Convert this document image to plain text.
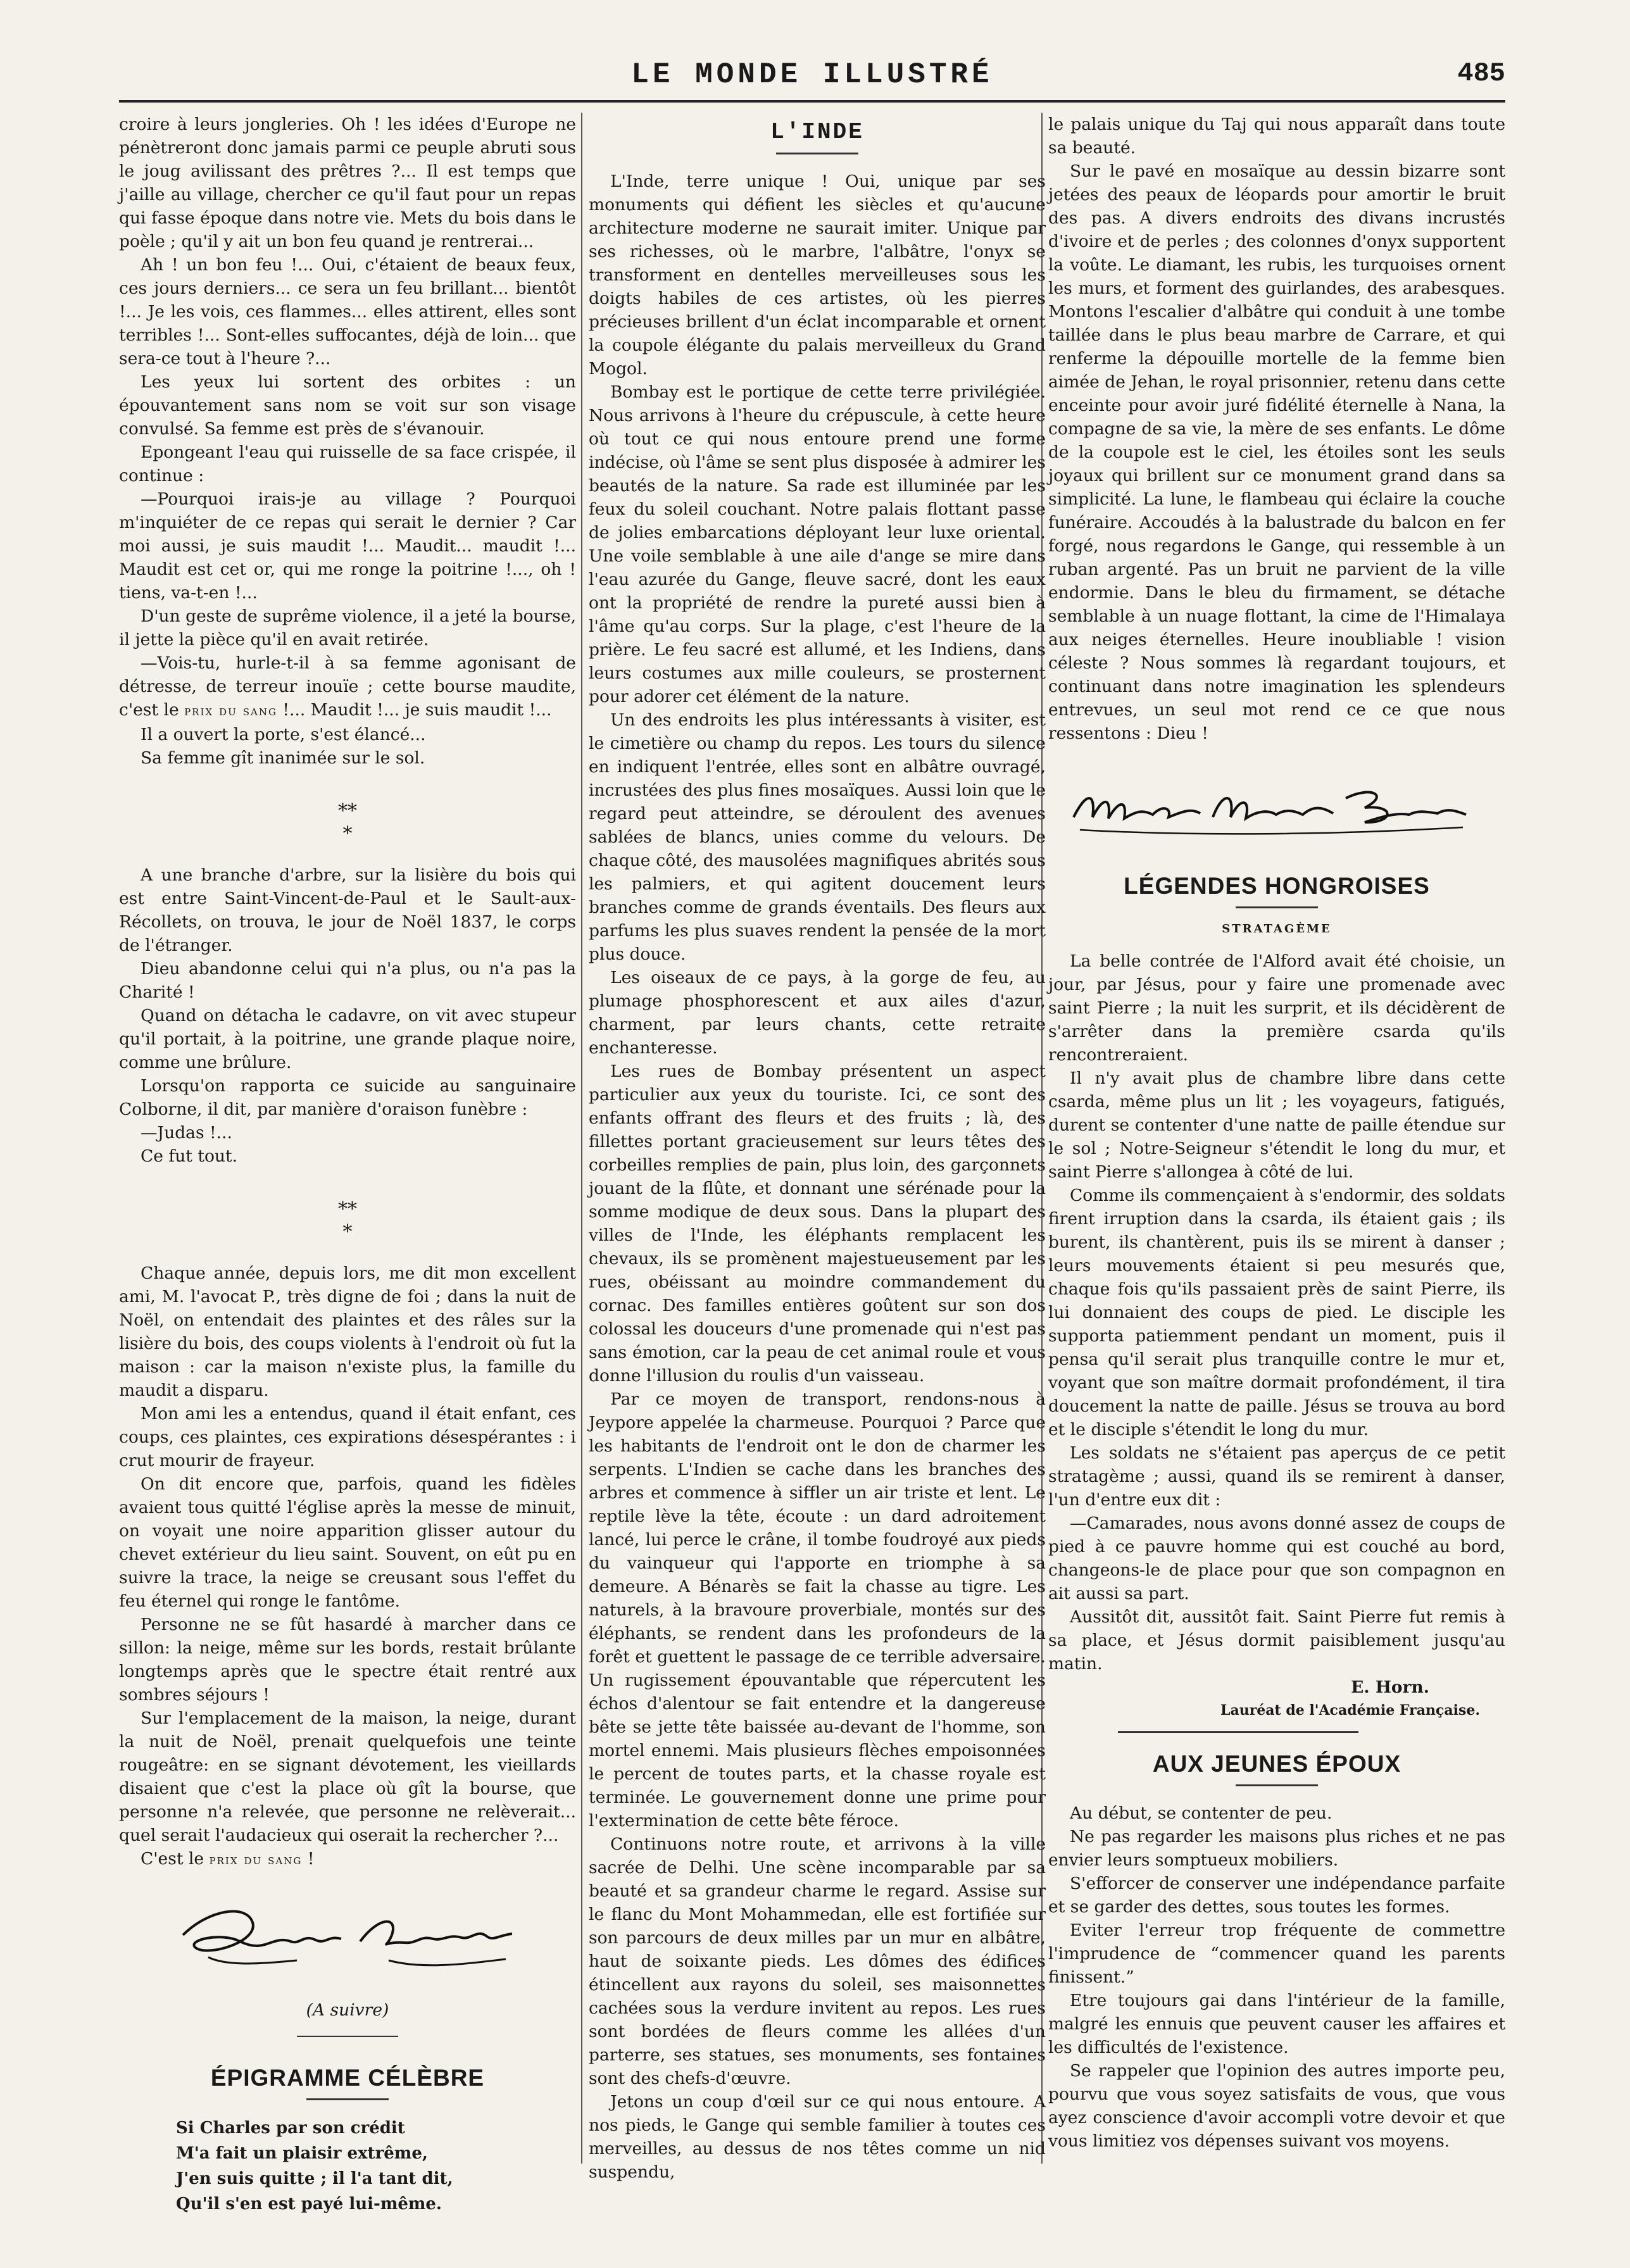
LE MONDE ILLUSTRÉ	485

croire à leurs jongleries. Oh ! les idées d'Europe ne pénètreront donc jamais parmi ce peuple abruti sous le joug avilissant des prêtres ?... Il est temps que j'aille au village, chercher ce qu'il faut pour un repas qui fasse époque dans notre vie. Mets du bois dans le poèle ; qu'il y ait un bon feu quand je rentrerai...

Ah ! un bon feu !... Oui, c'étaient de beaux feux, ces jours derniers... ce sera un feu brillant... bientôt !... Je les vois, ces flammes... elles attirent, elles sont terribles !... Sont-elles suffocantes, déjà de loin... que sera-ce tout à l'heure ?...

Les yeux lui sortent des orbites : un épouvantement sans nom se voit sur son visage convulsé. Sa femme est près de s'évanouir.

Epongeant l'eau qui ruisselle de sa face crispée, il continue :

—Pourquoi irais-je au village ? Pourquoi m'inquiéter de ce repas qui serait le dernier ? Car moi aussi, je suis maudit !... Maudit... maudit !... Maudit est cet or, qui me ronge la poitrine !..., oh ! tiens, va-t-en !...

D'un geste de suprême violence, il a jeté la bourse, il jette la pièce qu'il en avait retirée.

—Vois-tu, hurle-t-il à sa femme agonisant de détresse, de terreur inouïe ; cette bourse maudite, c'est le prix du sang !... Maudit !... je suis maudit !...

Il a ouvert la porte, s'est élancé...

Sa femme gît inanimée sur le sol.

⁎⁎
⁎

A une branche d'arbre, sur la lisière du bois qui est entre Saint-Vincent-de-Paul et le Sault-aux-Récollets, on trouva, le jour de Noël 1837, le corps de l'étranger.

Dieu abandonne celui qui n'a plus, ou n'a pas la Charité !

Quand on détacha le cadavre, on vit avec stupeur qu'il portait, à la poitrine, une grande plaque noire, comme une brûlure.

Lorsqu'on rapporta ce suicide au sanguinaire Colborne, il dit, par manière d'oraison funèbre :

—Judas !...

Ce fut tout.

⁎⁎
⁎

Chaque année, depuis lors, me dit mon excellent ami, M. l'avocat P., très digne de foi ; dans la nuit de Noël, on entendait des plaintes et des râles sur la lisière du bois, des coups violents à l'endroit où fut la maison : car la maison n'existe plus, la famille du maudit a disparu.

Mon ami les a entendus, quand il était enfant, ces coups, ces plaintes, ces expirations désespérantes : i crut mourir de frayeur.

On dit encore que, parfois, quand les fidèles avaient tous quitté l'église après la messe de minuit, on voyait une noire apparition glisser autour du chevet extérieur du lieu saint. Souvent, on eût pu en suivre la trace, la neige se creusant sous l'effet du feu éternel qui ronge le fantôme.

Personne ne se fût hasardé à marcher dans ce sillon: la neige, même sur les bords, restait brûlante longtemps après que le spectre était rentré aux sombres séjours !

Sur l'emplacement de la maison, la neige, durant la nuit de Noël, prenait quelquefois une teinte rougeâtre: en se signant dévotement, les vieillards disaient que c'est la place où gît la bourse, que personne n'a relevée, que personne ne relèverait... quel serait l'audacieux qui oserait la rechercher ?...

C'est le prix du sang !

(A suivre)
ÉPIGRAMME CÉLÈBRE
Si Charles par son crédit
M'a fait un plaisir extrême,
J'en suis quitte ; il l'a tant dit,
Qu'il s'en est payé lui-même.
L'INDE

L'Inde, terre unique ! Oui, unique par ses monuments qui défient les siècles et qu'aucune architecture moderne ne saurait imiter. Unique par ses richesses, où le marbre, l'albâtre, l'onyx se transforment en dentelles merveilleuses sous les doigts habiles de ces artistes, où les pierres précieuses brillent d'un éclat incomparable et ornent la coupole élégante du palais merveilleux du Grand Mogol.

Bombay est le portique de cette terre privilégiée. Nous arrivons à l'heure du crépuscule, à cette heure où tout ce qui nous entoure prend une forme indécise, où l'âme se sent plus disposée à admirer les beautés de la nature. Sa rade est illuminée par les feux du soleil couchant. Notre palais flottant passe de jolies embarcations déployant leur luxe oriental. Une voile semblable à une aile d'ange se mire dans l'eau azurée du Gange, fleuve sacré, dont les eaux ont la propriété de rendre la pureté aussi bien à l'âme qu'au corps. Sur la plage, c'est l'heure de la prière. Le feu sacré est allumé, et les Indiens, dans leurs costumes aux mille couleurs, se prosternent pour adorer cet élément de la nature.

Un des endroits les plus intéressants à visiter, est le cimetière ou champ du repos. Les tours du silence en indiquent l'entrée, elles sont en albâtre ouvragé, incrustées des plus fines mosaïques. Aussi loin que le regard peut atteindre, se déroulent des avenues sablées de blancs, unies comme du velours. De chaque côté, des mausolées magnifiques abrités sous les palmiers, et qui agitent doucement leurs branches comme de grands éventails. Des fleurs aux parfums les plus suaves rendent la pensée de la mort plus douce.

Les oiseaux de ce pays, à la gorge de feu, au plumage phosphorescent et aux ailes d'azur, charment, par leurs chants, cette retraite enchanteresse.

Les rues de Bombay présentent un aspect particulier aux yeux du touriste. Ici, ce sont des enfants offrant des fleurs et des fruits ; là, des fillettes portant gracieusement sur leurs têtes des corbeilles remplies de pain, plus loin, des garçonnets jouant de la flûte, et donnant une sérénade pour la somme modique de deux sous. Dans la plupart des villes de l'Inde, les éléphants remplacent les chevaux, ils se promènent majestueusement par les rues, obéissant au moindre commandement du cornac. Des familles entières goûtent sur son dos colossal les douceurs d'une promenade qui n'est pas sans émotion, car la peau de cet animal roule et vous donne l'illusion du roulis d'un vaisseau.

Par ce moyen de transport, rendons-nous à Jeypore appelée la charmeuse. Pourquoi ? Parce que les habitants de l'endroit ont le don de charmer les serpents. L'Indien se cache dans les branches des arbres et commence à siffler un air triste et lent. Le reptile lève la tête, écoute : un dard adroitement lancé, lui perce le crâne, il tombe foudroyé aux pieds du vainqueur qui l'apporte en triomphe à sa demeure. A Bénarès se fait la chasse au tigre. Les naturels, à la bravoure proverbiale, montés sur des éléphants, se rendent dans les profondeurs de la forêt et guettent le passage de ce terrible adversaire. Un rugissement épouvantable que répercutent les échos d'alentour se fait entendre et la dangereuse bête se jette tête baissée au-devant de l'homme, son mortel ennemi. Mais plusieurs flèches empoisonnées le percent de toutes parts, et la chasse royale est terminée. Le gouvernement donne une prime pour l'extermination de cette bête féroce.

Continuons notre route, et arrivons à la ville sacrée de Delhi. Une scène incomparable par sa beauté et sa grandeur charme le regard. Assise sur le flanc du Mont Mohammedan, elle est fortifiée sur son parcours de deux milles par un mur en albâtre, haut de soixante pieds. Les dômes des édifices étincellent aux rayons du soleil, ses maisonnettes cachées sous la verdure invitent au repos. Les rues sont bordées de fleurs comme les allées d'un parterre, ses statues, ses monuments, ses fontaines sont des chefs-d'œuvre.

Jetons un coup d'œil sur ce qui nous entoure. A nos pieds, le Gange qui semble familier à toutes ces merveilles, au dessus de nos têtes comme un nid suspendu,

le palais unique du Taj qui nous apparaît dans toute sa beauté.

Sur le pavé en mosaïque au dessin bizarre sont jetées des peaux de léopards pour amortir le bruit des pas. A divers endroits des divans incrustés d'ivoire et de perles ; des colonnes d'onyx supportent la voûte. Le diamant, les rubis, les turquoises ornent les murs, et forment des guirlandes, des arabesques. Montons l'escalier d'albâtre qui conduit à une tombe taillée dans le plus beau marbre de Carrare, et qui renferme la dépouille mortelle de la femme bien aimée de Jehan, le royal prisonnier, retenu dans cette enceinte pour avoir juré fidélité éternelle à Nana, la compagne de sa vie, la mère de ses enfants. Le dôme de la coupole est le ciel, les étoiles sont les seuls joyaux qui brillent sur ce monument grand dans sa simplicité. La lune, le flambeau qui éclaire la couche funéraire. Accoudés à la balustrade du balcon en fer forgé, nous regardons le Gange, qui ressemble à un ruban argenté. Pas un bruit ne parvient de la ville endormie. Dans le bleu du firmament, se détache semblable à un nuage flottant, la cime de l'Himalaya aux neiges éternelles. Heure inoubliable ! vision céleste ? Nous sommes là regardant toujours, et continuant dans notre imagination les splendeurs entrevues, un seul mot rend ce ce que nous ressentons : Dieu !

LÉGENDES HONGROISES
STRATAGÈME

La belle contrée de l'Alford avait été choisie, un jour, par Jésus, pour y faire une promenade avec saint Pierre ; la nuit les surprit, et ils décidèrent de s'arrêter dans la première csarda qu'ils rencontreraient.

Il n'y avait plus de chambre libre dans cette csarda, même plus un lit ; les voyageurs, fatigués, durent se contenter d'une natte de paille étendue sur le sol ; Notre-Seigneur s'étendit le long du mur, et saint Pierre s'allongea à côté de lui.

Comme ils commençaient à s'endormir, des soldats firent irruption dans la csarda, ils étaient gais ; ils burent, ils chantèrent, puis ils se mirent à danser ; leurs mouvements étaient si peu mesurés que, chaque fois qu'ils passaient près de saint Pierre, ils lui donnaient des coups de pied. Le disciple les supporta patiemment pendant un moment, puis il pensa qu'il serait plus tranquille contre le mur et, voyant que son maître dormait profondément, il tira doucement la natte de paille. Jésus se trouva au bord et le disciple s'étendit le long du mur.

Les soldats ne s'étaient pas aperçus de ce petit stratagème ; aussi, quand ils se remirent à danser, l'un d'entre eux dit :

—Camarades, nous avons donné assez de coups de pied à ce pauvre homme qui est couché au bord, changeons-le de place pour que son compagnon en ait aussi sa part.

Aussitôt dit, aussitôt fait. Saint Pierre fut remis à sa place, et Jésus dormit paisiblement jusqu'au matin.

E. Horn.
Lauréat de l'Académie Française.
AUX JEUNES ÉPOUX

Au début, se contenter de peu.

Ne pas regarder les maisons plus riches et ne pas envier leurs somptueux mobiliers.

S'efforcer de conserver une indépendance parfaite et se garder des dettes, sous toutes les formes.

Eviter l'erreur trop fréquente de commettre l'imprudence de “commencer quand les parents finissent.”

Etre toujours gai dans l'intérieur de la famille, malgré les ennuis que peuvent causer les affaires et les difficultés de l'existence.

Se rappeler que l'opinion des autres importe peu, pourvu que vous soyez satisfaits de vous, que vous ayez conscience d'avoir accompli votre devoir et que vous limitiez vos dépenses suivant vos moyens.
